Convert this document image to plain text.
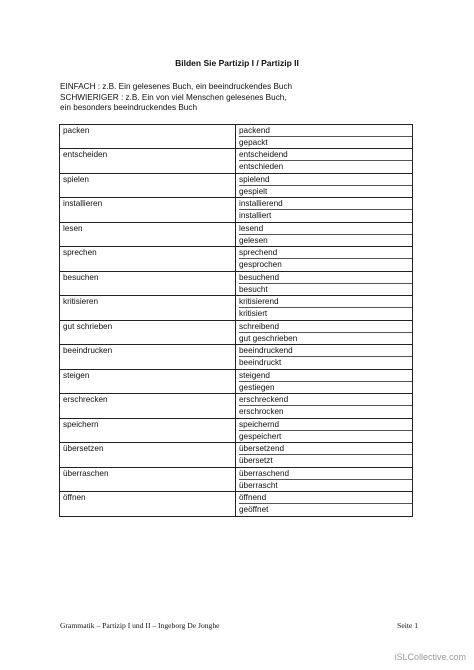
Bilden Sie Partizip I / Partizip II
EINFACH : z.B. Ein gelesenes Buch, ein beeindruckendes Buch
SCHWIERIGER : z.B. Ein von viel Menschen gelesenes Buch,
ein besonders beeindruckendes Buch
packen	packend
gepackt

entscheiden	entscheidend
entschieden

spielen	spielend
gespielt

installieren	installierend
installiert

lesen	lesend
gelesen

sprechen	sprechend
gesprochen

besuchen	besuchend
besucht

kritisieren	kritisierend
kritisiert

gut schrieben	schreibend
gut geschrieben

beeindrucken	beeindruckend
beeindruckt

steigen	steigend
gestiegen

erschrecken	erschreckend
erschrocken

speichern	speichernd
gespeichert

übersetzen	übersetzend
übersetzt

überraschen	überraschend
überrascht

öffnen	öffnend
geöffnet
Grammatik – Partizip I und II – Ingeborg De Jonghe	Seite 1
iSLCollective.com
